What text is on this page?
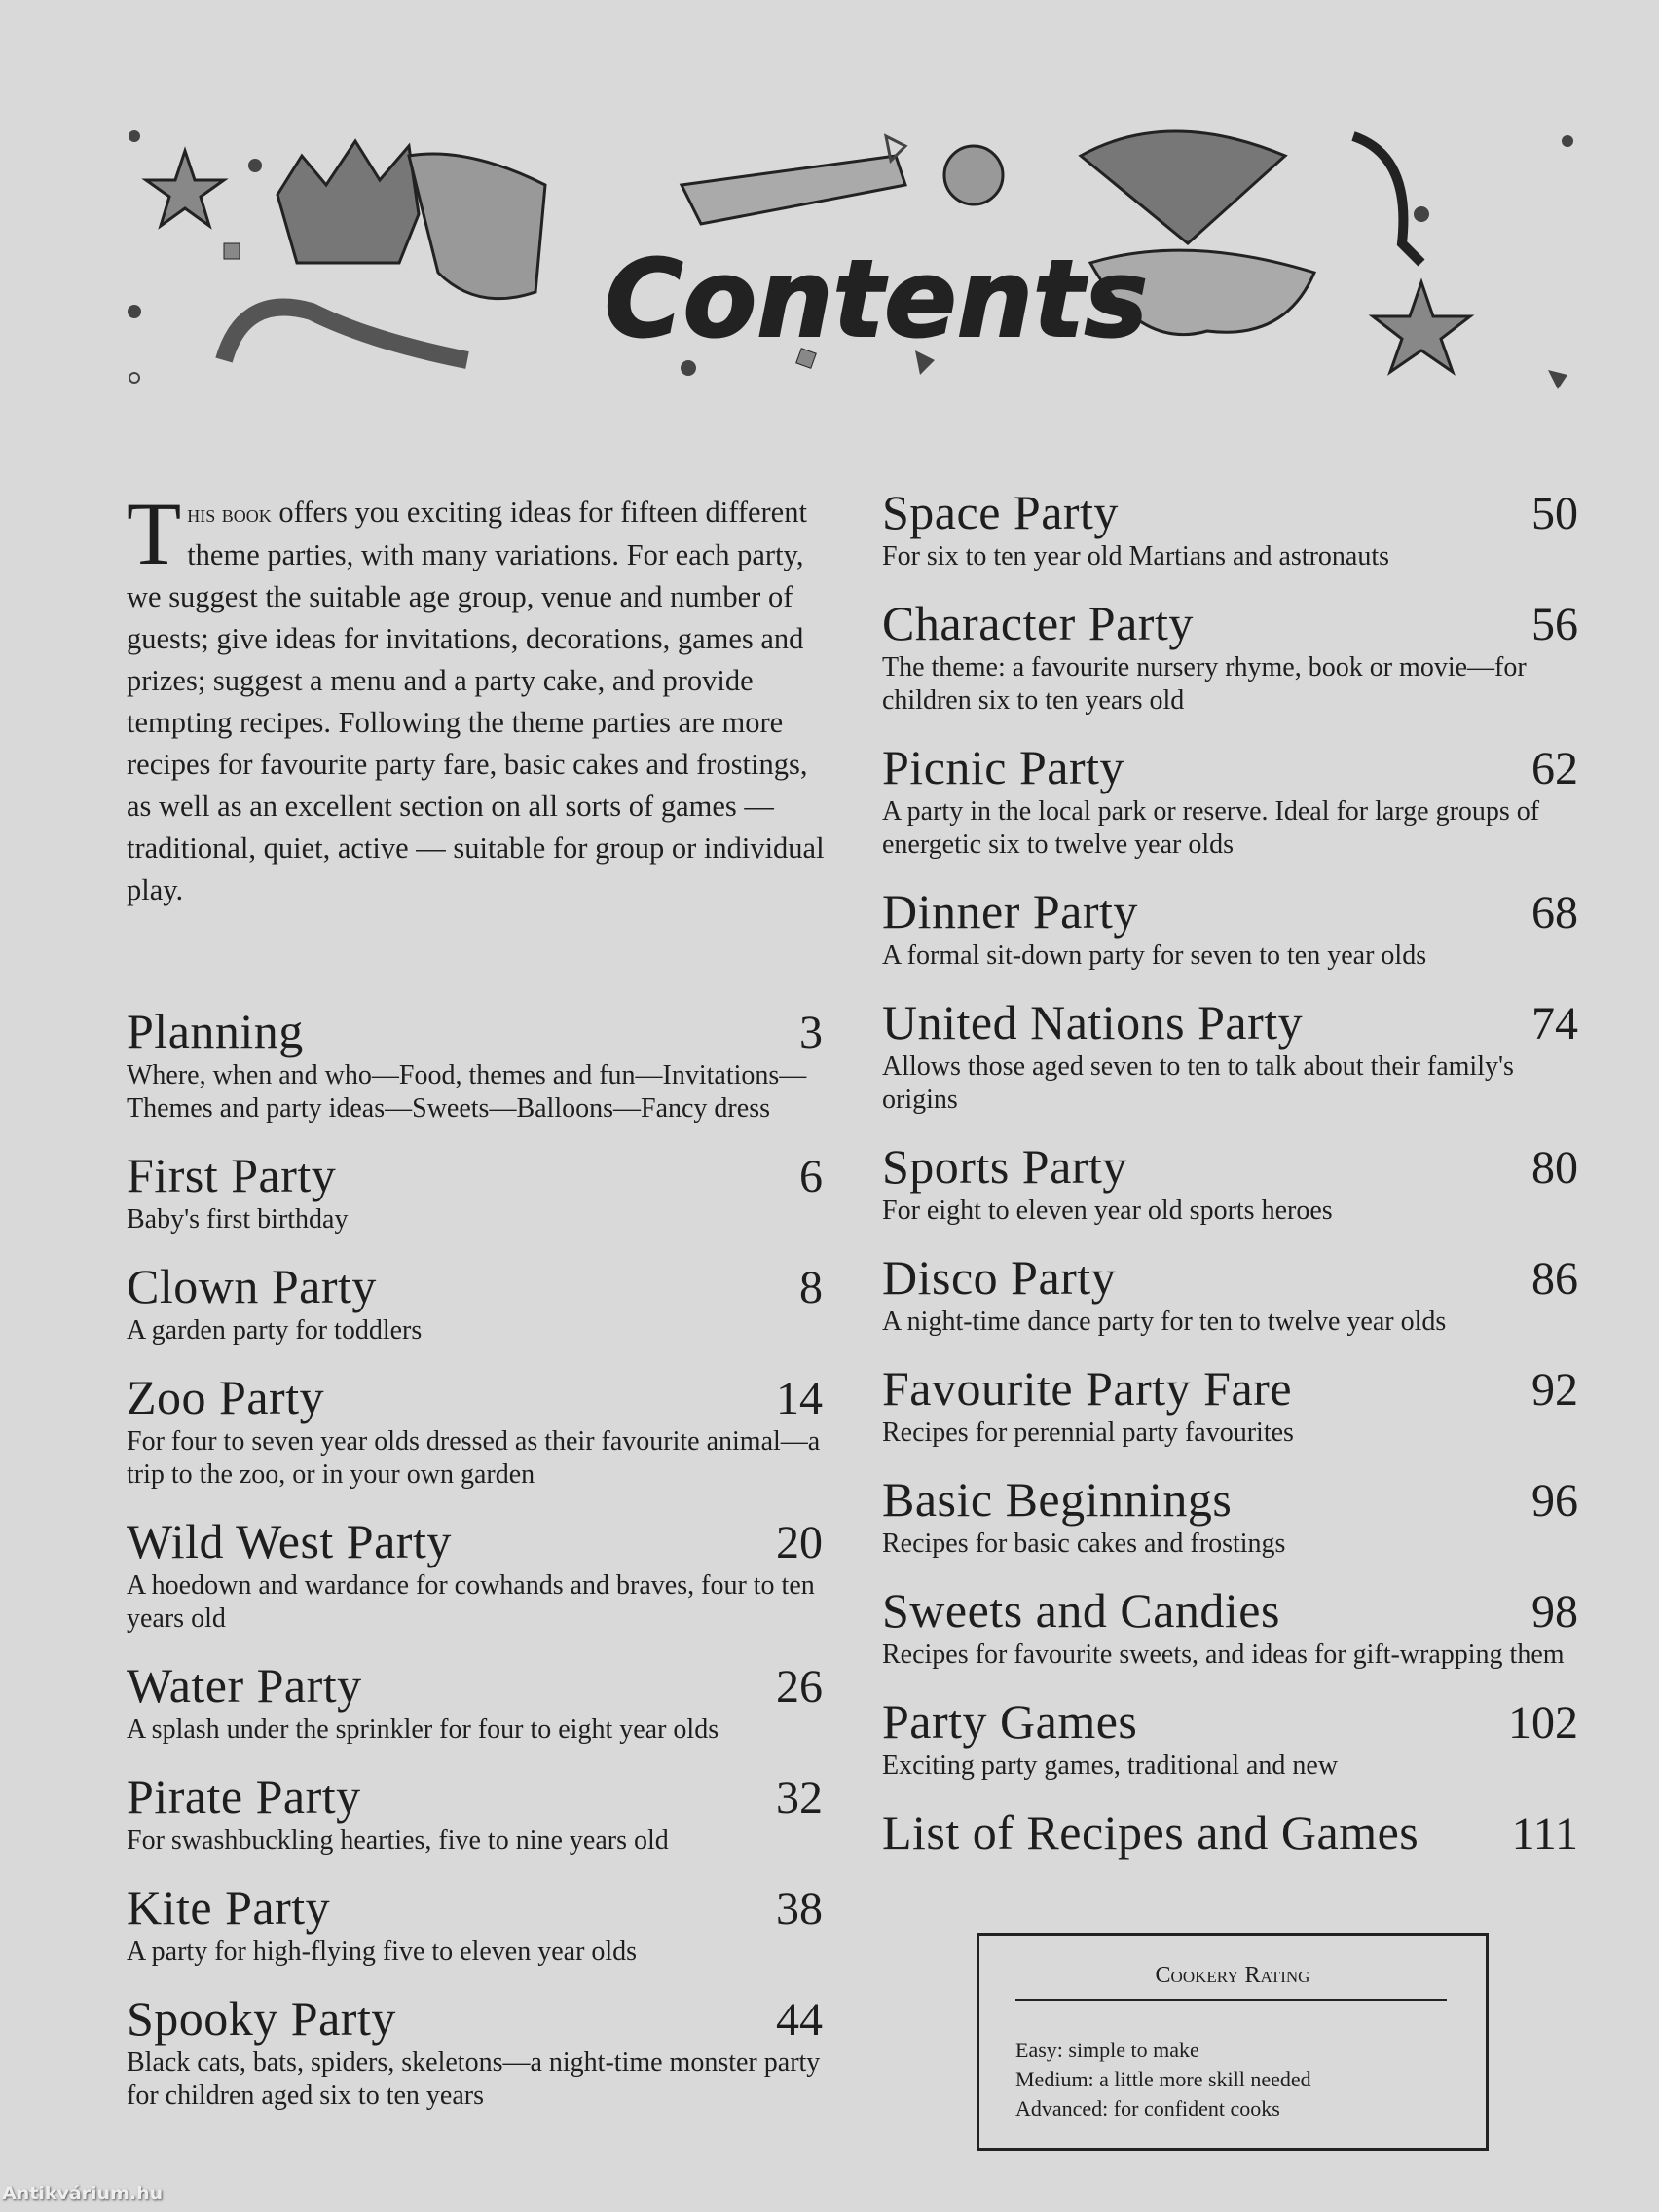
Contents
This book offers you exciting ideas for fifteen different theme parties, with many variations. For each party, we suggest the suitable age group, venue and number of guests; give ideas for invitations, decorations, games and prizes; suggest a menu and a party cake, and provide tempting recipes. Following the theme parties are more recipes for favourite party fare, basic cakes and frostings, as well as an excellent section on all sorts of games — traditional, quiet, active — suitable for group or individual play.
Planning	3
Where, when and who—Food, themes and fun—Invitations—Themes and party ideas—Sweets—Balloons—Fancy dress
First Party	6
Baby's first birthday
Clown Party	8
A garden party for toddlers
Zoo Party	14
For four to seven year olds dressed as their favourite animal—a trip to the zoo, or in your own garden
Wild West Party	20
A hoedown and wardance for cowhands and braves, four to ten years old
Water Party	26
A splash under the sprinkler for four to eight year olds
Pirate Party	32
For swashbuckling hearties, five to nine years old
Kite Party	38
A party for high-flying five to eleven year olds
Spooky Party	44
Black cats, bats, spiders, skeletons—a night-time monster party for children aged six to ten years
Space Party	50
For six to ten year old Martians and astronauts
Character Party	56
The theme: a favourite nursery rhyme, book or movie—for children six to ten years old
Picnic Party	62
A party in the local park or reserve. Ideal for large groups of energetic six to twelve year olds
Dinner Party	68
A formal sit-down party for seven to ten year olds
United Nations Party	74
Allows those aged seven to ten to talk about their family's origins
Sports Party	80
For eight to eleven year old sports heroes
Disco Party	86
A night-time dance party for ten to twelve year olds
Favourite Party Fare	92
Recipes for perennial party favourites
Basic Beginnings	96
Recipes for basic cakes and frostings
Sweets and Candies	98
Recipes for favourite sweets, and ideas for gift-wrapping them
Party Games	102
Exciting party games, traditional and new
List of Recipes and Games 111
Cookery Rating
Easy: simple to make
Medium: a little more skill needed
Advanced: for confident cooks
Antikvárium.hu
